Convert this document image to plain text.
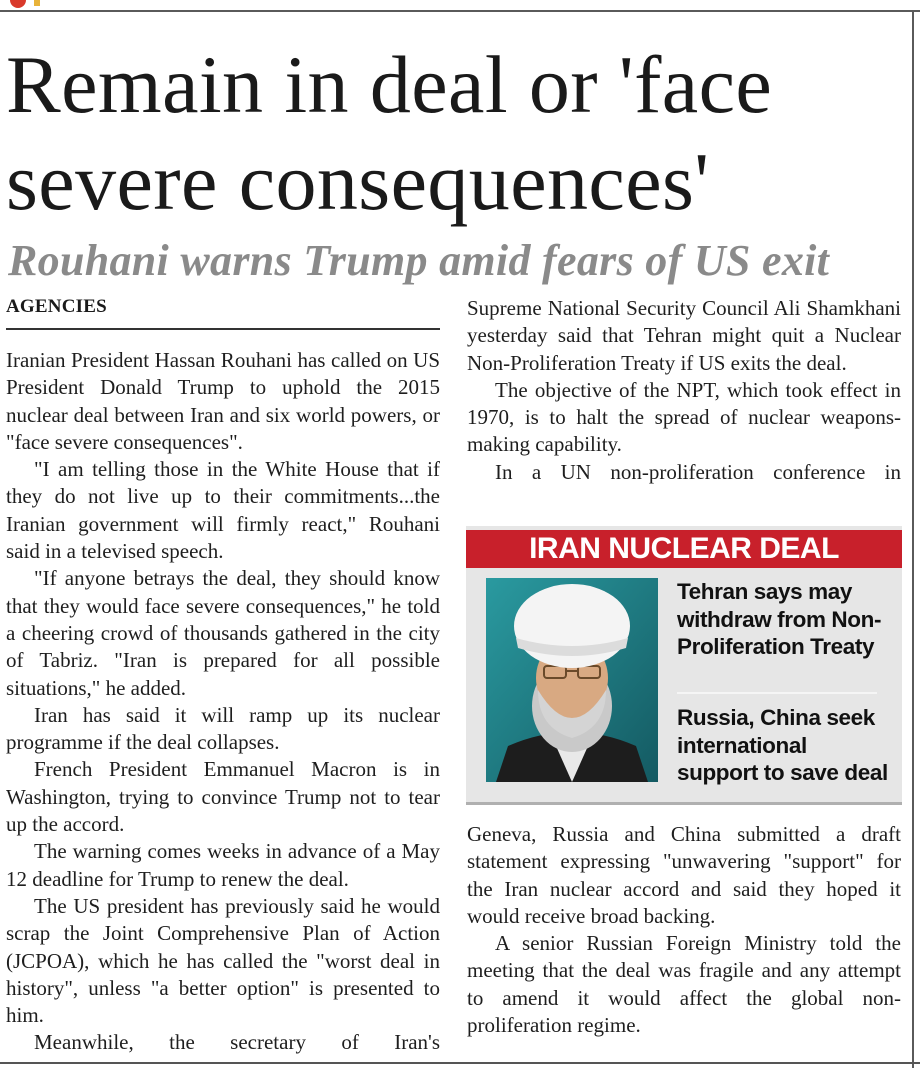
Remain in deal or 'face severe consequences'
Rouhani warns Trump amid fears of US exit
AGENCIES

Iranian President Hassan Rouhani has called on US President Donald Trump to uphold the 2015 nuclear deal between Iran and six world powers, or "face severe consequences".

"I am telling those in the White House that if they do not live up to their commitments...the Iranian government will firmly react," Rouhani said in a televised speech.

"If anyone betrays the deal, they should know that they would face severe consequences," he told a cheering crowd of thousands gathered in the city of Tabriz. "Iran is prepared for all possible situations," he added.

Iran has said it will ramp up its nuclear programme if the deal collapses.

French President Emmanuel Macron is in Washington, trying to convince Trump not to tear up the accord.

The warning comes weeks in advance of a May 12 deadline for Trump to renew the deal.

The US president has previously said he would scrap the Joint Comprehensive Plan of Action (JCPOA), which he has called the "worst deal in history", unless "a better option" is presented to him.

Meanwhile, the secretary of Iran's

Supreme National Security Council Ali Shamkhani yesterday said that Tehran might quit a Nuclear Non-Proliferation Treaty if US exits the deal.

The objective of the NPT, which took effect in 1970, is to halt the spread of nuclear weapons-making capability.

In a UN non-proliferation conference in

IRAN NUCLEAR DEAL
Tehran says may withdraw from Non-Proliferation Treaty
Russia, China seek international support to save deal

Geneva, Russia and China submitted a draft statement expressing "unwavering "support" for the Iran nuclear accord and said they hoped it would receive broad backing.

A senior Russian Foreign Ministry told the meeting that the deal was fragile and any attempt to amend it would affect the global non-proliferation regime.
